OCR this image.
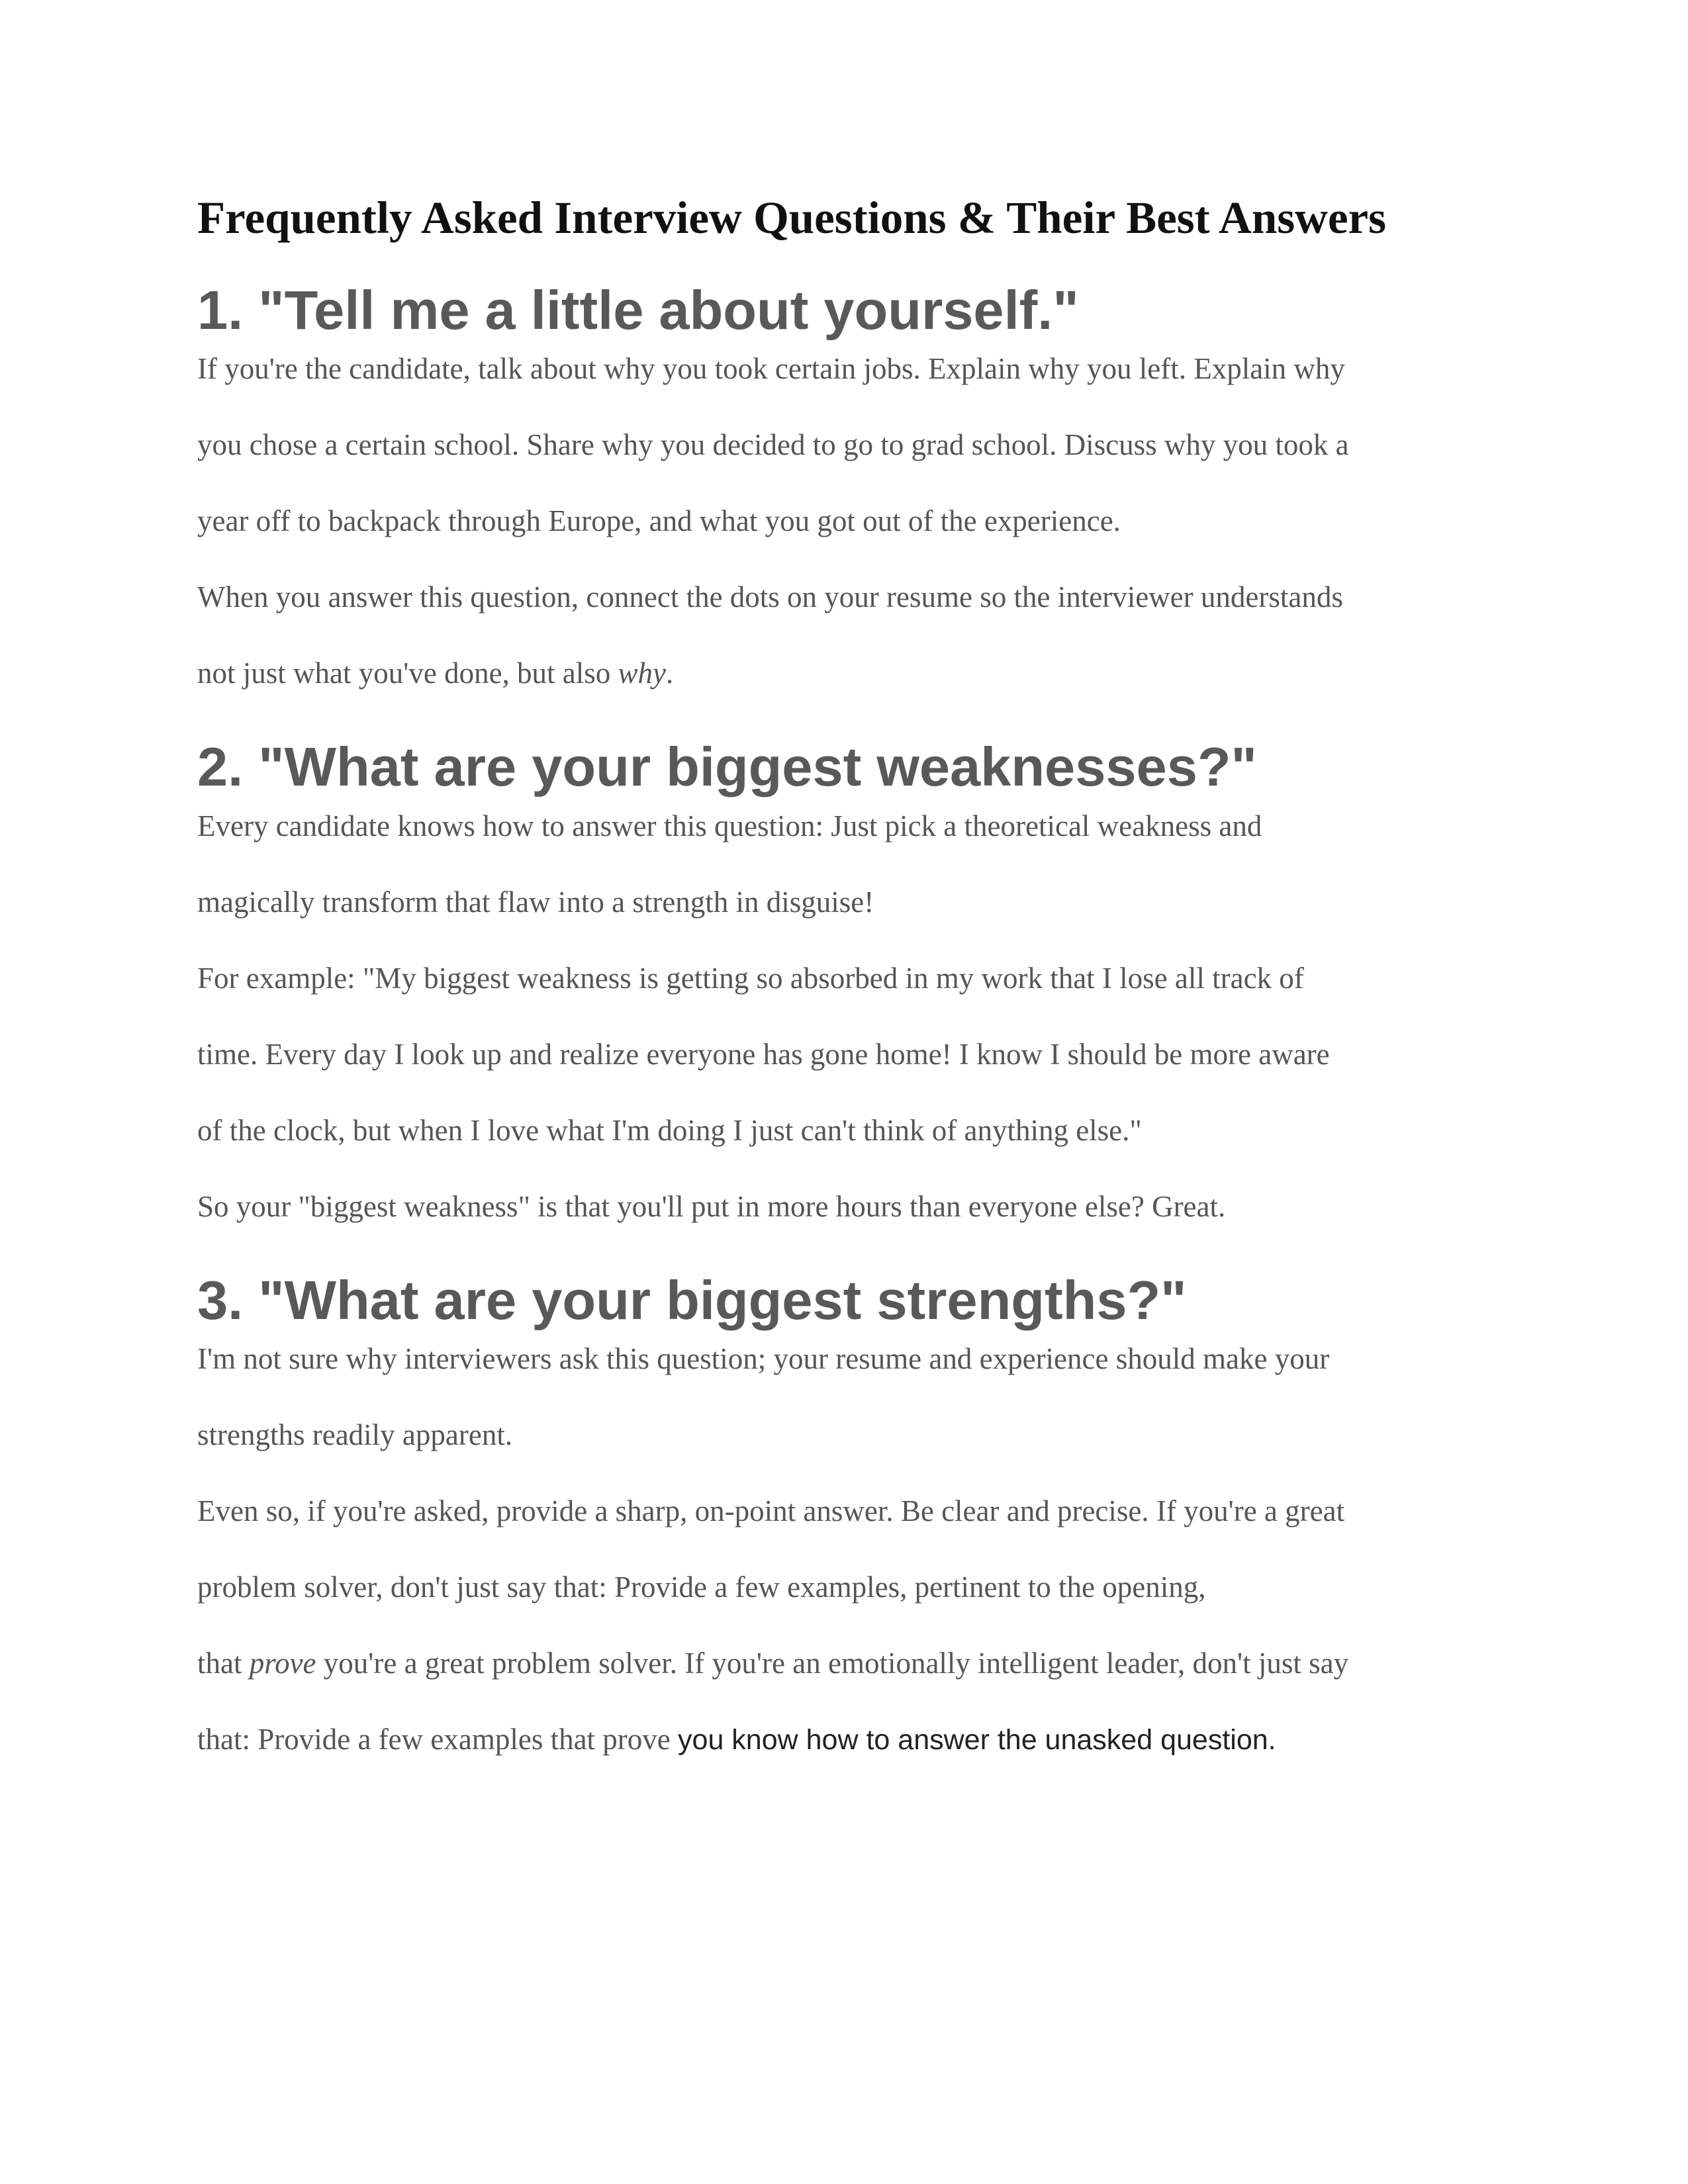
Frequently Asked Interview Questions & Their Best Answers
1. "Tell me a little about yourself."
If you're the candidate, talk about why you took certain jobs. Explain why you left. Explain why
you chose a certain school. Share why you decided to go to grad school. Discuss why you took a
year off to backpack through Europe, and what you got out of the experience.
When you answer this question, connect the dots on your resume so the interviewer understands
not just what you've done, but also why.
2. "What are your biggest weaknesses?"
Every candidate knows how to answer this question: Just pick a theoretical weakness and
magically transform that flaw into a strength in disguise!
For example: "My biggest weakness is getting so absorbed in my work that I lose all track of
time. Every day I look up and realize everyone has gone home! I know I should be more aware
of the clock, but when I love what I'm doing I just can't think of anything else."
So your "biggest weakness" is that you'll put in more hours than everyone else? Great.
3. "What are your biggest strengths?"
I'm not sure why interviewers ask this question; your resume and experience should make your
strengths readily apparent.
Even so, if you're asked, provide a sharp, on-point answer. Be clear and precise. If you're a great
problem solver, don't just say that: Provide a few examples, pertinent to the opening,
that prove you're a great problem solver. If you're an emotionally intelligent leader, don't just say
that: Provide a few examples that prove you know how to answer the unasked question.
